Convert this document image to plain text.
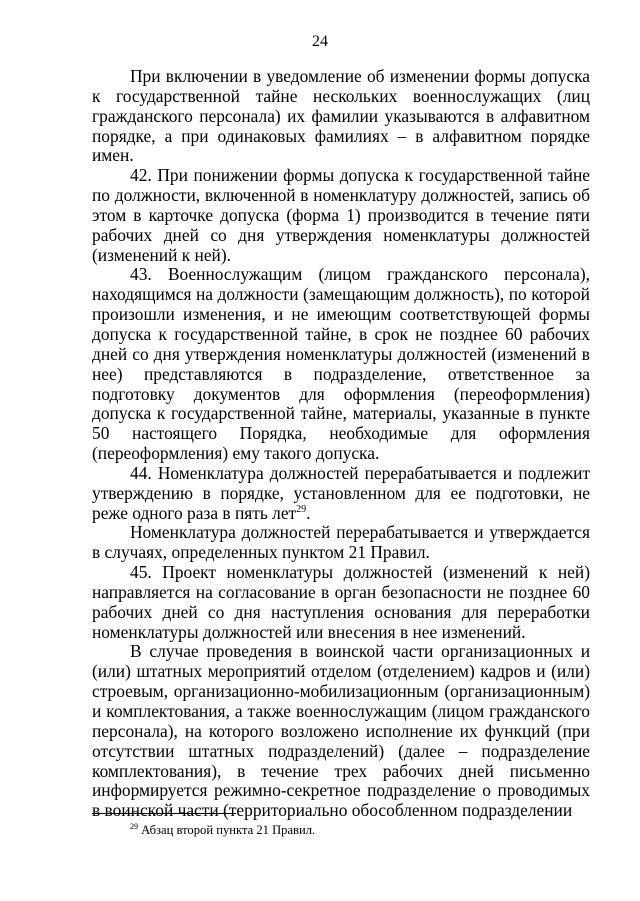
24

При включении в уведомление об изменении формы допуска к государственной тайне нескольких военнослужащих (лиц гражданского персонала) их фамилии указываются в алфавитном порядке, а при одинаковых фамилиях – в алфавитном порядке имен.

42. При понижении формы допуска к государственной тайне по должности, включенной в номенклатуру должностей, запись об этом в карточке допуска (форма 1) производится в течение пяти рабочих дней со дня утверждения номенклатуры должностей (изменений к ней).

43. Военнослужащим (лицом гражданского персонала), находящимся на должности (замещающим должность), по которой произошли изменения, и не имеющим соответствующей формы допуска к государственной тайне, в срок не позднее 60 рабочих дней со дня утверждения номенклатуры должностей (изменений в нее) представляются в подразделение, ответственное за подготовку документов для оформления (переоформления) допуска к государственной тайне, материалы, указанные в пункте 50 настоящего Порядка, необходимые для оформления (переоформления) ему такого допуска.

44. Номенклатура должностей перерабатывается и подлежит утверждению в порядке, установленном для ее подготовки, не реже одного раза в пять лет$^{29}$.

Номенклатура должностей перерабатывается и утверждается в случаях, определенных пунктом 21 Правил.

45. Проект номенклатуры должностей (изменений к ней) направляется на согласование в орган безопасности не позднее 60 рабочих дней со дня наступления основания для переработки номенклатуры должностей или внесения в нее изменений.

В случае проведения в воинской части организационных и (или) штатных мероприятий отделом (отделением) кадров и (или) строевым, организационно-мобилизационным (организационным) и комплектования, а также военнослужащим (лицом гражданского персонала), на которого возложено исполнение их функций (при отсутствии штатных подразделений) (далее – подразделение комплектования), в течение трех рабочих дней письменно информируется режимно-секретное подразделение о проводимых в воинской части (территориально обособленном подразделении

$^{29}$ Абзац второй пункта 21 Правил.
